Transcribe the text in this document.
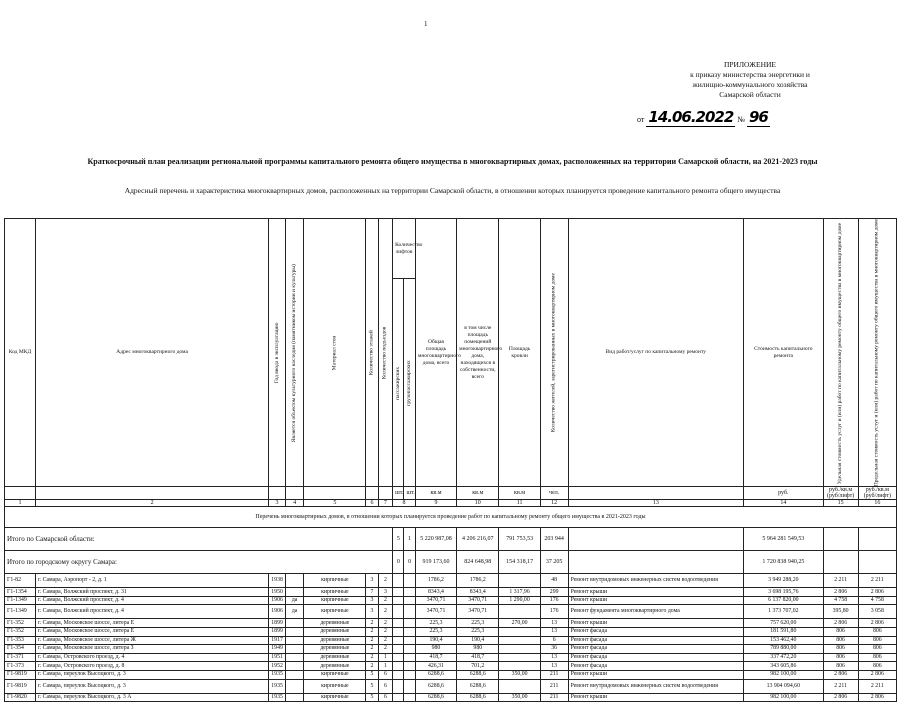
1
ПРИЛОЖЕНИЕ
к приказу министерства энергетики и
жилищно-коммунального хозяйства
Самарской области
от 14.06.2022 № 96
Краткосрочный план реализации региональной программы капитального ремонта общего имущества в многоквартирных домах, расположенных на территории Самарской области, на 2021-2023 годы
Адресный перечень и характеристика многоквартирных домов, расположенных на территории Самарской области, в отношении которых планируется проведение капитального ремонта общего имущества
Код МКД	Адрес многоквартирного дома	Год ввода в эксплуатацию	Является объектом культурного наследия (памятником истории и культуры)	Материал стен	Количество этажей	Количество подъездов	Количество лифтов		Общая площадь многоквартирного дома, всего	в том числе площадь помещений многоквартирного дома, находящихся в собственности, всего	Площадь кровли	Количество жителей, зарегистрированных в многоквартирном доме	Вид работ/услуг по капитальному ремонту	Стоимость капитального ремонта	Удельная стоимость услуг и (или) работ по капитальному ремонту общего имущества в многоквартирном доме	Предельная стоимость услуг и (или) работ по капитальному ремонту общего имущества в многоквартирном доме
							пассажирских	грузопассажирских								
							шт.	шт.	кв.м	кв.м	кв.м	чел.		руб.	руб./кв.м (руб/лифт)	руб./кв.м (руб/лифт)
1	2	3	4	5	6	7	8		9	10	11	12	13	14	15	16
Перечень многоквартирных домов, в отношении которых планируется проведение работ по капитальному ремонту общего имущества в 2021-2023 годы																
Итого по Самарской области:							5	1	5 220 987,08	4 206 216,07	791 753,53	203 944		5 964 281 549,53		
Итого по городскому округу Самара:							0	0	919 173,60	824 648,98	154 318,17	37 205		1 720 838 940,25		
Г1-82	г. Самара, Аэропорт - 2, д. 1	1938		кирпичные	3	2			1786,2	1786,2		48	Ремонт внутридомовых инженерных систем водоотведения	3 949 288,20	2 211	2 211
Г1-1354	г. Самара, Волжский проспект, д. 31	1950		кирпичные	7	3			8343,4	8343,4	1 317,96	299	Ремонт крыши	3 698 195,76	2 806	2 806
Г1-1349	г. Самара, Волжский проспект, д. 4	1906	да	кирпичные	3	2			3470,71	3470,71	1 290,00	176	Ремонт крыши	6 137 820,00	4 758	4 758
Г1-1349	г. Самара, Волжский проспект, д. 4	1906	да	кирпичные	3	2			3470,71	3470,71		176	Ремонт фундамента многоквартирного дома	1 373 707,02	395,80	3 058
Г1-352	г. Самара, Московское шоссе, литера Е	1899		деревянные	2	2			225,3	225,3	270,00	13	Ремонт крыши	757 620,00	2 806	2 806
Г1-352	г. Самара, Московское шоссе, литера Е	1899		деревянные	2	2			225,3	225,3		13	Ремонт фасада	181 591,80	806	806
Г1-353	г. Самара, Московское шоссе, литера Ж	1917		деревянные	2	2			190,4	190,4		6	Ремонт фасада	153 462,40	806	806
Г1-354	г. Самара, Московское шоссе, литера З	1949		деревянные	2	2			980	980		36	Ремонт фасада	789 880,00	806	806
Г1-371	г. Самара, Островского проезд, д. 4	1951		деревянные	2	1			418,7	418,7		13	Ремонт фасада	337 472,20	806	806
Г1-373	г. Самара, Островского проезд, д. 8	1952		деревянные	2	1			426,31	701,2		13	Ремонт фасада	343 605,86	806	806
Г1-9819	г. Самара, переулок Высоцкого, д. 3	1935		кирпичные	5	6			6288,6	6288,6	350,00	211	Ремонт крыши	982 100,00	2 806	2 806
Г1-9819	г. Самара, переулок Высоцкого, д. 3	1935		кирпичные	5	6			6288,6	6288,6		211	Ремонт внутридомовых инженерных систем водоотведения	13 904 094,60	2 211	2 211
Г1-9820	г. Самара, переулок Высоцкого, д. 3 А	1935		кирпичные	5	6			6288,6	6288,6	350,00	211	Ремонт крыши	982 100,00	2 806	2 806
